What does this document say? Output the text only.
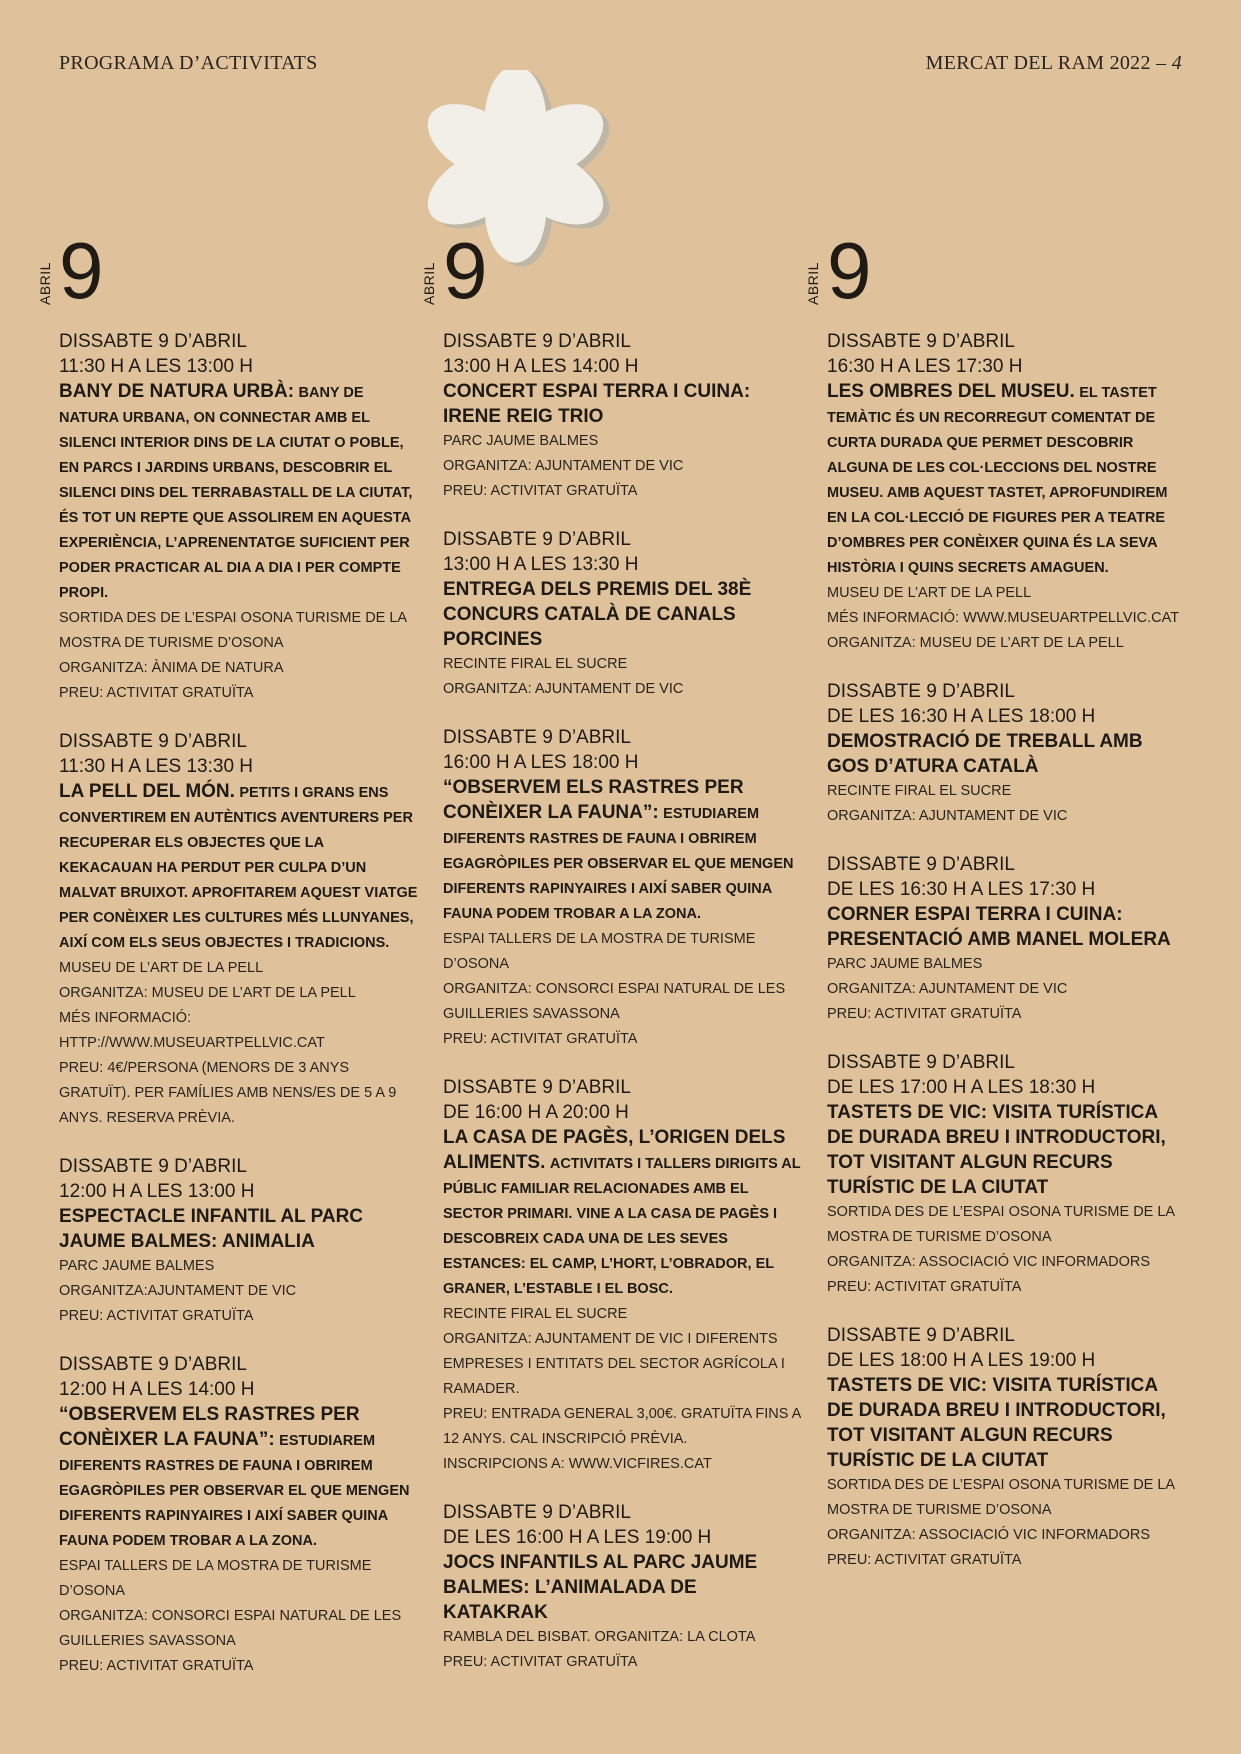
PROGRAMA D’ACTIVITATS	MERCAT DEL RAM 2022 – 4
ABRIL 9
DISSABTE 9 D’ABRIL
11:30 H A LES 13:00 H
BANY DE NATURA URBÀ: BANY DE NATURA URBANA, ON CONNECTAR AMB EL SILENCI INTERIOR DINS DE LA CIUTAT O POBLE, EN PARCS I JARDINS URBANS, DESCOBRIR EL SILENCI DINS DEL TERRABASTALL DE LA CIUTAT, ÉS TOT UN REPTE QUE ASSOLIREM EN AQUESTA EXPERIÈNCIA, L’APRENENTATGE SUFICIENT PER PODER PRACTICAR AL DIA A DIA I PER COMPTE PROPI.
SORTIDA DES DE L’ESPAI OSONA TURISME DE LA MOSTRA DE TURISME D’OSONA
ORGANITZA: ÀNIMA DE NATURA
PREU: ACTIVITAT GRATUÏTA
DISSABTE 9 D’ABRIL
11:30 H A LES 13:30 H
LA PELL DEL MÓN. PETITS I GRANS ENS CONVERTIREM EN AUTÈNTICS AVENTURERS PER RECUPERAR ELS OBJECTES QUE LA KEKACAUAN HA PERDUT PER CULPA D’UN MALVAT BRUIXOT. APROFITAREM AQUEST VIATGE PER CONÈIXER LES CULTURES MÉS LLUNYANES, AIXÍ COM ELS SEUS OBJECTES I TRADICIONS.
MUSEU DE L’ART DE LA PELL
ORGANITZA: MUSEU DE L’ART DE LA PELL
MÉS INFORMACIÓ: HTTP://WWW.MUSEUARTPELLVIC.CAT
PREU: 4€/PERSONA (MENORS DE 3 ANYS GRATUÏT). PER FAMÍLIES AMB NENS/ES DE 5 A 9 ANYS. RESERVA PRÈVIA.
DISSABTE 9 D’ABRIL
12:00 H A LES 13:00 H
ESPECTACLE INFANTIL AL PARC JAUME BALMES: ANIMALIA
PARC JAUME BALMES
ORGANITZA:AJUNTAMENT DE VIC
PREU: ACTIVITAT GRATUÏTA
DISSABTE 9 D’ABRIL
12:00 H A LES 14:00 H
“OBSERVEM ELS RASTRES PER CONÈIXER LA FAUNA”: ESTUDIAREM DIFERENTS RASTRES DE FAUNA I OBRIREM EGAGRÒPILES PER OBSERVAR EL QUE MENGEN DIFERENTS RAPINYAIRES I AIXÍ SABER QUINA FAUNA PODEM TROBAR A LA ZONA.
ESPAI TALLERS DE LA MOSTRA DE TURISME D’OSONA
ORGANITZA: CONSORCI ESPAI NATURAL DE LES GUILLERIES SAVASSONA
PREU: ACTIVITAT GRATUÏTA
ABRIL 9
DISSABTE 9 D’ABRIL
13:00 H A LES 14:00 H
CONCERT ESPAI TERRA I CUINA: IRENE REIG TRIO
PARC JAUME BALMES
ORGANITZA: AJUNTAMENT DE VIC
PREU: ACTIVITAT GRATUÏTA
DISSABTE 9 D’ABRIL
13:00 H A LES 13:30 H
ENTREGA DELS PREMIS DEL 38È CONCURS CATALÀ DE CANALS PORCINES
RECINTE FIRAL EL SUCRE
ORGANITZA: AJUNTAMENT DE VIC
DISSABTE 9 D’ABRIL
16:00 H A LES 18:00 H
“OBSERVEM ELS RASTRES PER CONÈIXER LA FAUNA”: ESTUDIAREM DIFERENTS RASTRES DE FAUNA I OBRIREM EGAGRÒPILES PER OBSERVAR EL QUE MENGEN DIFERENTS RAPINYAIRES I AIXÍ SABER QUINA FAUNA PODEM TROBAR A LA ZONA.
ESPAI TALLERS DE LA MOSTRA DE TURISME D’OSONA
ORGANITZA: CONSORCI ESPAI NATURAL DE LES GUILLERIES SAVASSONA
PREU: ACTIVITAT GRATUÏTA
DISSABTE 9 D’ABRIL
DE 16:00 H A 20:00 H
LA CASA DE PAGÈS, L’ORIGEN DELS ALIMENTS. ACTIVITATS I TALLERS DIRIGITS AL PÚBLIC FAMILIAR RELACIONADES AMB EL SECTOR PRIMARI. VINE A LA CASA DE PAGÈS I DESCOBREIX CADA UNA DE LES SEVES ESTANCES: EL CAMP, L’HORT, L’OBRADOR, EL GRANER, L’ESTABLE I EL BOSC.
RECINTE FIRAL EL SUCRE
ORGANITZA: AJUNTAMENT DE VIC I DIFERENTS EMPRESES I ENTITATS DEL SECTOR AGRÍCOLA I RAMADER.
PREU: ENTRADA GENERAL 3,00€. GRATUÏTA FINS A 12 ANYS. CAL INSCRIPCIÓ PRÈVIA.
INSCRIPCIONS A: WWW.VICFIRES.CAT
DISSABTE 9 D’ABRIL
DE LES 16:00 H A LES 19:00 H
JOCS INFANTILS AL PARC JAUME BALMES: L’ANIMALADA DE KATAKRAK
RAMBLA DEL BISBAT. ORGANITZA: LA CLOTA
PREU: ACTIVITAT GRATUÏTA
ABRIL 9
DISSABTE 9 D’ABRIL
16:30 H A LES 17:30 H
LES OMBRES DEL MUSEU. EL TASTET TEMÀTIC ÉS UN RECORREGUT COMENTAT DE CURTA DURADA QUE PERMET DESCOBRIR ALGUNA DE LES COL·LECCIONS DEL NOSTRE MUSEU. AMB AQUEST TASTET, APROFUNDIREM EN LA COL·LECCIÓ DE FIGURES PER A TEATRE D’OMBRES PER CONÈIXER QUINA ÉS LA SEVA HISTÒRIA I QUINS SECRETS AMAGUEN.
MUSEU DE L’ART DE LA PELL
MÉS INFORMACIÓ: WWW.MUSEUARTPELLVIC.CAT
ORGANITZA: MUSEU DE L’ART DE LA PELL
DISSABTE 9 D’ABRIL
DE LES 16:30 H A LES 18:00 H
DEMOSTRACIÓ DE TREBALL AMB GOS D’ATURA CATALÀ
RECINTE FIRAL EL SUCRE
ORGANITZA: AJUNTAMENT DE VIC
DISSABTE 9 D’ABRIL
DE LES 16:30 H A LES 17:30 H
CORNER ESPAI TERRA I CUINA: PRESENTACIÓ AMB MANEL MOLERA
PARC JAUME BALMES
ORGANITZA: AJUNTAMENT DE VIC
PREU: ACTIVITAT GRATUÏTA
DISSABTE 9 D’ABRIL
DE LES 17:00 H A LES 18:30 H
TASTETS DE VIC: VISITA TURÍSTICA DE DURADA BREU I INTRODUCTORI, TOT VISITANT ALGUN RECURS TURÍSTIC DE LA CIUTAT
SORTIDA DES DE L’ESPAI OSONA TURISME DE LA MOSTRA DE TURISME D’OSONA
ORGANITZA: ASSOCIACIÓ VIC INFORMADORS
PREU: ACTIVITAT GRATUÏTA
DISSABTE 9 D’ABRIL
DE LES 18:00 H A LES 19:00 H
TASTETS DE VIC: VISITA TURÍSTICA DE DURADA BREU I INTRODUCTORI, TOT VISITANT ALGUN RECURS TURÍSTIC DE LA CIUTAT
SORTIDA DES DE L’ESPAI OSONA TURISME DE LA MOSTRA DE TURISME D’OSONA
ORGANITZA: ASSOCIACIÓ VIC INFORMADORS
PREU: ACTIVITAT GRATUÏTA
